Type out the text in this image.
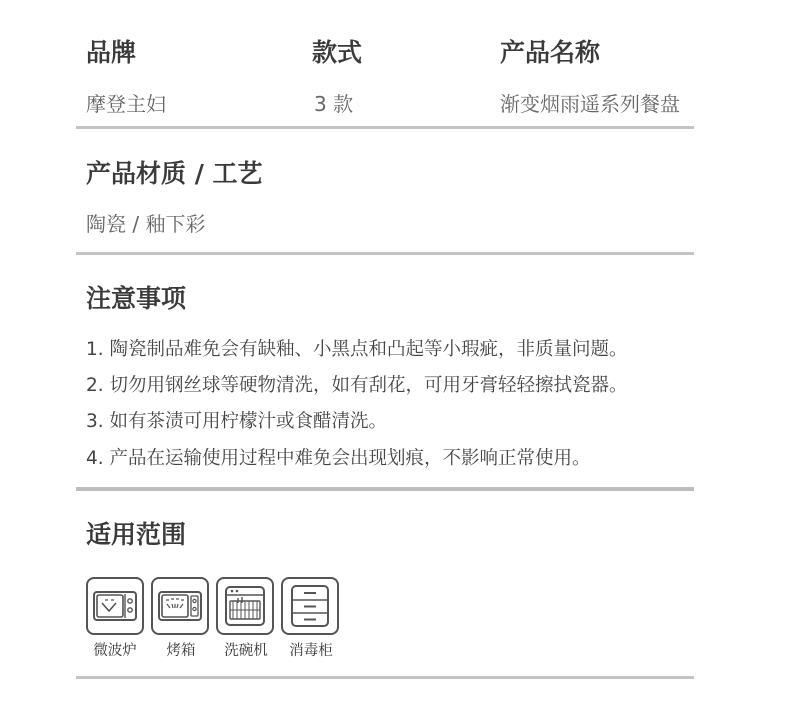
品牌	款式	产品名称
摩登主妇	3 款	渐变烟雨遥系列餐盘
产品材质 / 工艺
陶瓷 / 釉下彩
注意事项
1. 陶瓷制品难免会有缺釉、小黑点和凸起等小瑕疵，非质量问题。
2. 切勿用钢丝球等硬物清洗，如有刮花，可用牙膏轻轻擦拭瓷器。
3. 如有茶渍可用柠檬汁或食醋清洗。
4. 产品在运输使用过程中难免会出现划痕，不影响正常使用。
适用范围
微波炉	烤箱	洗碗机	消毒柜
